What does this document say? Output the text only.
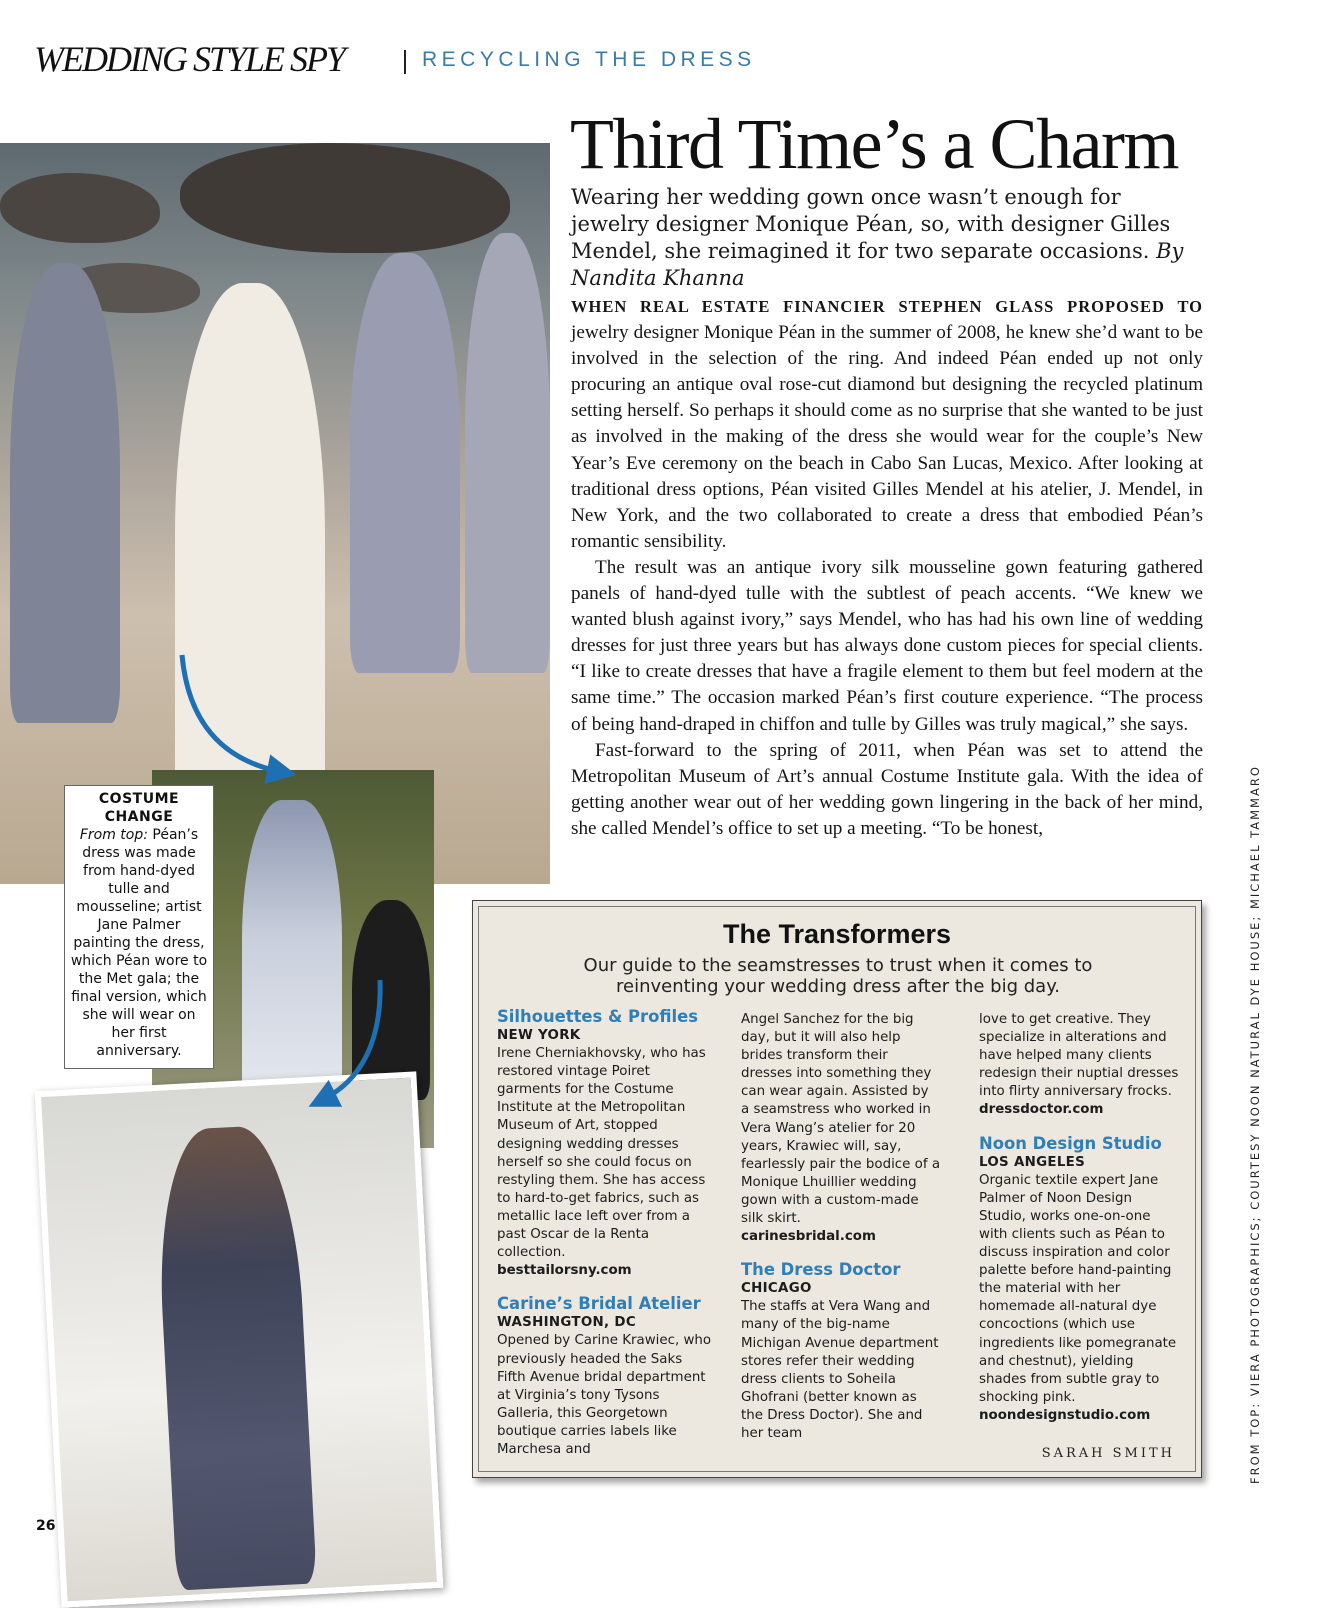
WEDDING STYLE SPY	RECYCLING THE DRESS
COSTUME CHANGE
From top: Péan’s dress was made from hand-dyed tulle and mousseline; artist Jane Palmer painting the dress, which Péan wore to the Met gala; the final version, which she will wear on her first anniversary.
Third Time’s a Charm
Wearing her wedding gown once wasn’t enough for jewelry designer Monique Péan, so, with designer Gilles Mendel, she reimagined it for two separate occasions. By Nandita Khanna

WHEN REAL ESTATE FINANCIER STEPHEN GLASS PROPOSED TO jewelry designer Monique Péan in the summer of 2008, he knew she’d want to be involved in the selection of the ring. And indeed Péan ended up not only procuring an antique oval rose-cut diamond but designing the recycled platinum setting herself. So perhaps it should come as no surprise that she wanted to be just as involved in the making of the dress she would wear for the couple’s New Year’s Eve ceremony on the beach in Cabo San Lucas, Mexico. After looking at traditional dress options, Péan visited Gilles Mendel at his atelier, J. Mendel, in New York, and the two collaborated to create a dress that embodied Péan’s romantic sensibility.

The result was an antique ivory silk mousseline gown featuring gathered panels of hand-dyed tulle with the subtlest of peach accents. “We knew we wanted blush against ivory,” says Mendel, who has had his own line of wedding dresses for just three years but has always done custom pieces for special clients. “I like to create dresses that have a fragile element to them but feel modern at the same time.” The occasion marked Péan’s first couture experience. “The process of being hand-draped in chiffon and tulle by Gilles was truly magical,” she says.

Fast-forward to the spring of 2011, when Péan was set to attend the Metropolitan Museum of Art’s annual Costume Institute gala. With the idea of getting another wear out of her wedding gown lingering in the back of her mind, she called Mendel’s office to set up a meeting. “To be honest,

The Transformers
Our guide to the seamstresses to trust when it comes to reinventing your wedding dress after the big day.
Silhouettes & Profiles
NEW YORK
Irene Cherniakhovsky, who has restored vintage Poiret garments for the Costume Institute at the Metropolitan Museum of Art, stopped designing wedding dresses herself so she could focus on restyling them. She has access to hard-to-get fabrics, such as metallic lace left over from a past Oscar de la Renta collection.
besttailorsny.com
Carine’s Bridal Atelier
WASHINGTON, DC
Opened by Carine Krawiec, who previously headed the Saks Fifth Avenue bridal department at Virginia’s tony Tysons Galleria, this Georgetown boutique carries labels like Marchesa and
Angel Sanchez for the big day, but it will also help brides transform their dresses into something they can wear again. Assisted by a seamstress who worked in Vera Wang’s atelier for 20 years, Krawiec will, say, fearlessly pair the bodice of a Monique Lhuillier wedding gown with a custom-made silk skirt.
carinesbridal.com
The Dress Doctor
CHICAGO
The staffs at Vera Wang and many of the big-name Michigan Avenue department stores refer their wedding dress clients to Soheila Ghofrani (better known as the Dress Doctor). She and her team
love to get creative. They specialize in alterations and have helped many clients redesign their nuptial dresses into flirty anniversary frocks.
dressdoctor.com
Noon Design Studio
LOS ANGELES
Organic textile expert Jane Palmer of Noon Design Studio, works one-on-one with clients such as Péan to discuss inspiration and color palette before hand-painting the material with her homemade all-natural dye concoctions (which use ingredients like pomegranate and chestnut), yielding shades from subtle gray to shocking pink.
noondesignstudio.com
SARAH SMITH
26
FROM TOP: VIERA PHOTOGRAPHICS; COURTESY NOON NATURAL DYE HOUSE; MICHAEL TAMMARO
